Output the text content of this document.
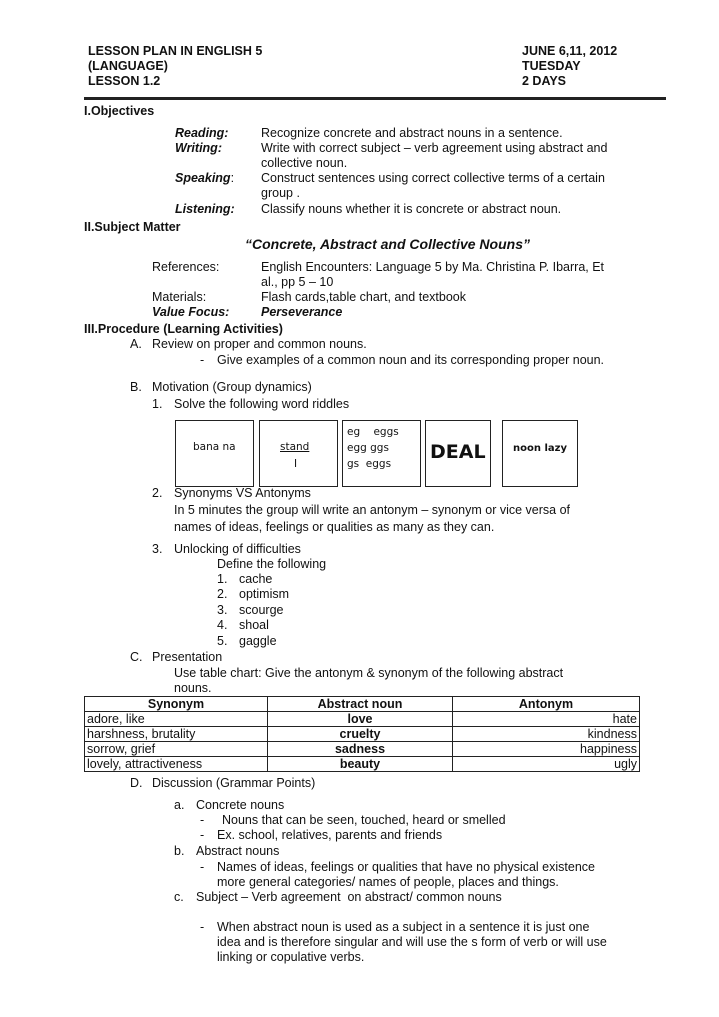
LESSON PLAN IN ENGLISH 5
(LANGUAGE)
LESSON 1.2
JUNE 6,11, 2012
TUESDAY
2 DAYS
I.Objectives
Reading:	Recognize concrete and abstract nouns in a sentence.
Writing:	Write with correct subject – verb agreement using abstract and
collective noun.
Speaking: Construct sentences using correct collective terms of a certain
group .
Listening: Classify nouns whether it is concrete or abstract noun.
II.Subject Matter
“Concrete, Abstract and Collective Nouns”
References:	English Encounters: Language 5 by Ma. Christina P. Ibarra, Et
al., pp 5 – 10
Materials:	Flash cards,table chart, and textbook
Value Focus:	Perseverance
III.Procedure (Learning Activities)
A. Review on proper and common nouns.
- Give examples of a common noun and its corresponding proper noun.
B. Motivation (Group dynamics)
1. Solve the following word riddles
bana na	stand
I
eg    eggs
egg ggs
gs  eggs
DEAL	noon lazy
2. Synonyms VS Antonyms
In 5 minutes the group will write an antonym – synonym or vice versa of
names of ideas, feelings or qualities as many as they can.
3. Unlocking of difficulties
Define the following
1. cache
2. optimism
3. scourge
4. shoal
5. gaggle
C. Presentation
Use table chart: Give the antonym & synonym of the following abstract
nouns.
Synonym	Abstract noun	Antonym
adore, like	love	hate
harshness, brutality	cruelty	kindness
sorrow, grief	sadness	happiness
lovely, attractiveness	beauty	ugly
D. Discussion (Grammar Points)
a. Concrete nouns
- Nouns that can be seen, touched, heard or smelled
- Ex. school, relatives, parents and friends
b. Abstract nouns
- Names of ideas, feelings or qualities that have no physical existence
more general categories/ names of people, places and things.
c. Subject – Verb agreement  on abstract/ common nouns
- When abstract noun is used as a subject in a sentence it is just one
idea and is therefore singular and will use the s form of verb or will use
linking or copulative verbs.
